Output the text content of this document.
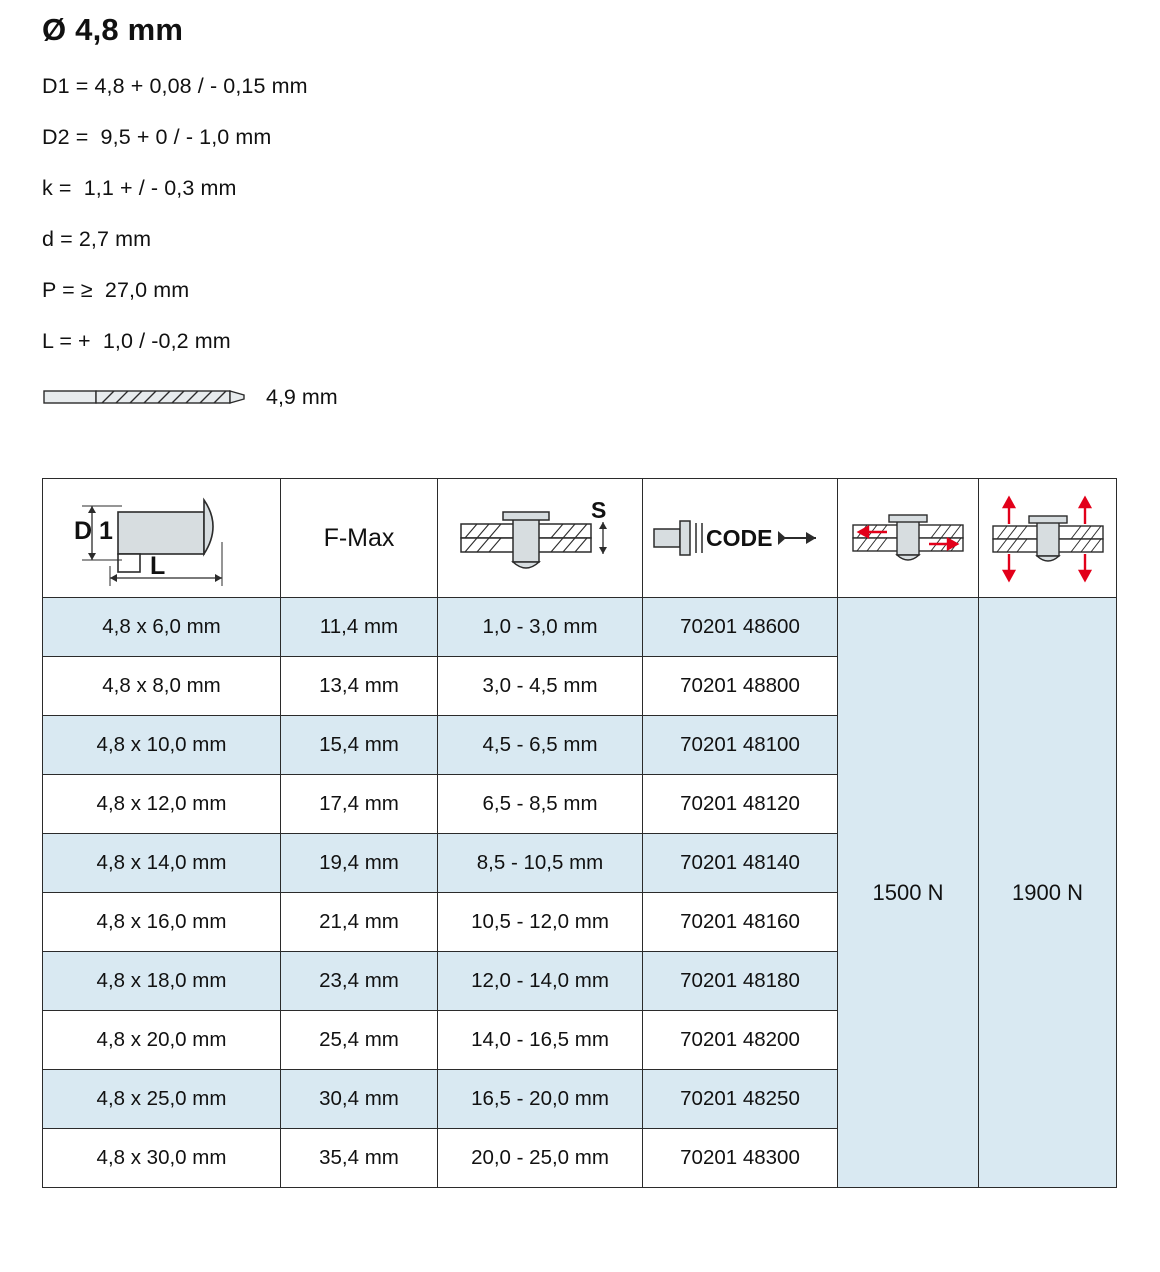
Ø 4,8 mm
D1 = 4,8 + 0,08 / - 0,15 mm
D2 =  9,5 + 0 / - 1,0 mm
k =  1,1 + / - 0,3 mm
d = 2,7 mm
P = ≥  27,0 mm
L = +  1,0 / -0,2 mm
4,9 mm
D 1
L	F-Max	S	CODE

4,8 x 6,0 mm	11,4 mm	1,0 - 3,0 mm	70201 48600	1500 N	1900 N
4,8 x 8,0 mm	13,4 mm	3,0 - 4,5 mm	70201 48800		
4,8 x 10,0 mm	15,4 mm	4,5 - 6,5 mm	70201 48100		
4,8 x 12,0 mm	17,4 mm	6,5 - 8,5 mm	70201 48120		
4,8 x 14,0 mm	19,4 mm	8,5 - 10,5 mm	70201 48140		
4,8 x 16,0 mm	21,4 mm	10,5 - 12,0 mm	70201 48160		
4,8 x 18,0 mm	23,4 mm	12,0 - 14,0 mm	70201 48180		
4,8 x 20,0 mm	25,4 mm	14,0 - 16,5 mm	70201 48200		
4,8 x 25,0 mm	30,4 mm	16,5 - 20,0 mm	70201 48250		
4,8 x 30,0 mm	35,4 mm	20,0 - 25,0 mm	70201 48300		
